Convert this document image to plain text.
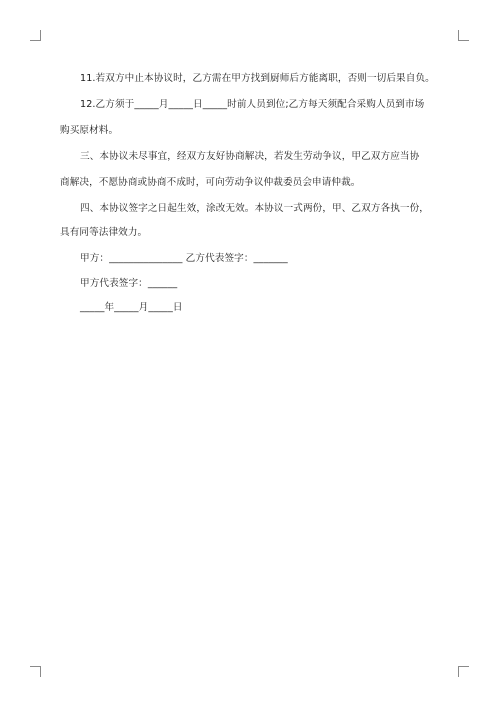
11.若双方中止本协议时，乙方需在甲方找到厨师后方能离职，否则一切后果自负。
12.乙方须于_____月_____日_____时前人员到位;乙方每天须配合采购人员到市场
购买原材料。
三、本协议未尽事宜，经双方友好协商解决，若发生劳动争议，甲乙双方应当协
商解决，不愿协商或协商不成时，可向劳动争议仲裁委员会申请仲裁。
四、本协议签字之日起生效，涂改无效。本协议一式两份，甲、乙双方各执一份，
具有同等法律效力。
甲方：_______________ 乙方代表签字：_______
甲方代表签字：______
_____年_____月_____日
